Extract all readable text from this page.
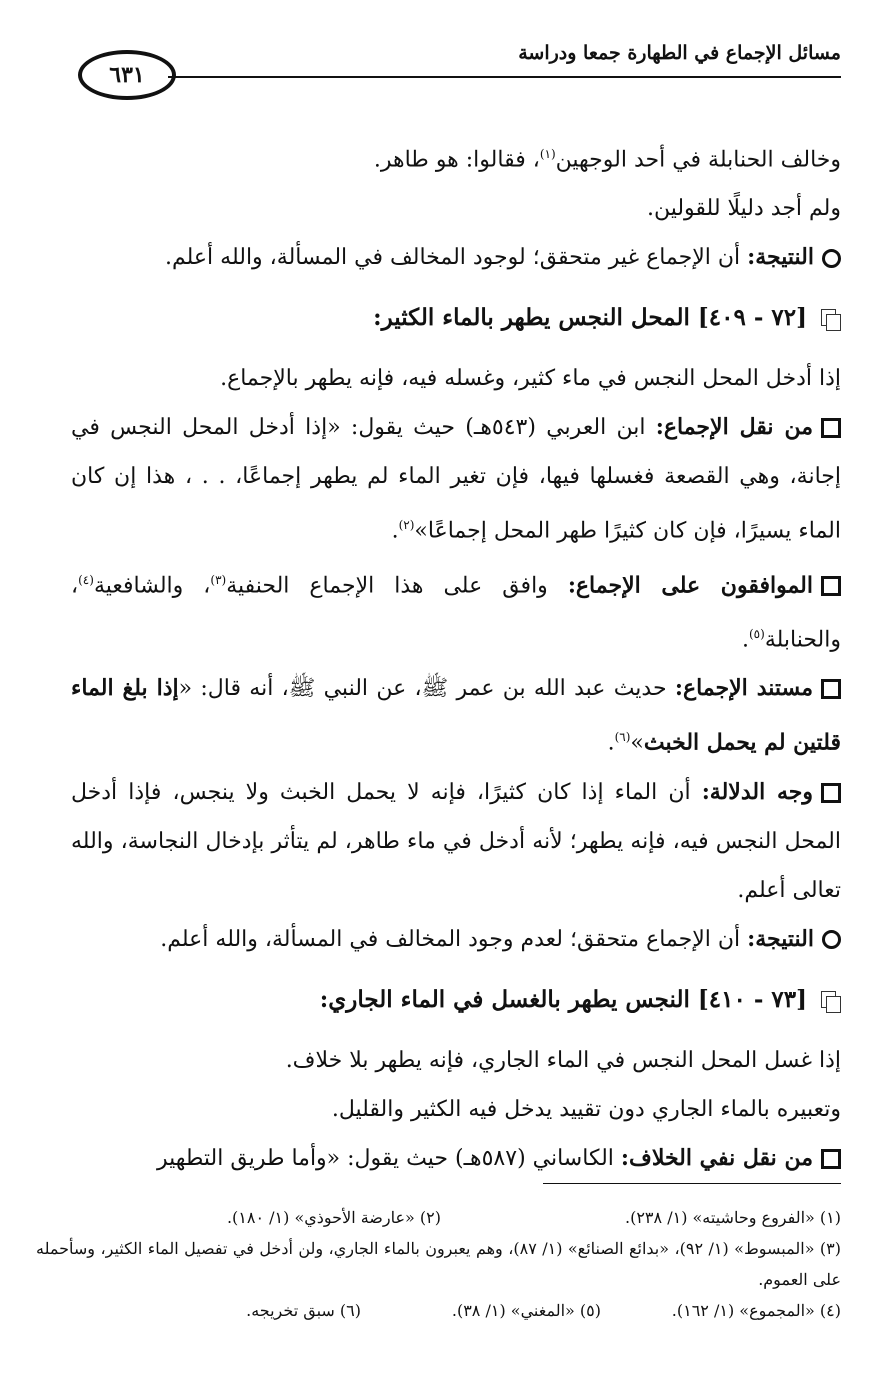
مسائل الإجماع في الطهارة جمعا ودراسة
٦٣١

وخالف الحنابلة في أحد الوجهين$^{(١)}$، فقالوا: هو طاهر.

ولم أجد دليلًا للقولين.

النتيجة: أن الإجماع غير متحقق؛ لوجود المخالف في المسألة، والله أعلم.

[٧٢ - ٤٠٩] المحل النجس يطهر بالماء الكثير:

إذا أدخل المحل النجس في ماء كثير، وغسله فيه، فإنه يطهر بالإجماع.

من نقل الإجماع: ابن العربي (٥٤٣هـ) حيث يقول: «إذا أدخل المحل النجس في إجانة، وهي القصعة فغسلها فيها، فإن تغير الماء لم يطهر إجماعًا، . . ، هذا إن كان الماء يسيرًا، فإن كان كثيرًا طهر المحل إجماعًا»$^{(٢)}$.

الموافقون على الإجماع: وافق على هذا الإجماع الحنفية$^{(٣)}$، والشافعية$^{(٤)}$، والحنابلة$^{(٥)}$.

مستند الإجماع: حديث عبد الله بن عمر ﷺ، عن النبي ﷺ، أنه قال: «إذا بلغ الماء قلتين لم يحمل الخبث»$^{(٦)}$.

وجه الدلالة: أن الماء إذا كان كثيرًا، فإنه لا يحمل الخبث ولا ينجس، فإذا أدخل المحل النجس فيه، فإنه يطهر؛ لأنه أدخل في ماء طاهر، لم يتأثر بإدخال النجاسة، والله تعالى أعلم.

النتيجة: أن الإجماع متحقق؛ لعدم وجود المخالف في المسألة، والله أعلم.

[٧٣ - ٤١٠] النجس يطهر بالغسل في الماء الجاري:

إذا غسل المحل النجس في الماء الجاري، فإنه يطهر بلا خلاف.

وتعبيره بالماء الجاري دون تقييد يدخل فيه الكثير والقليل.

من نقل نفي الخلاف: الكاساني (٥٨٧هـ) حيث يقول: «وأما طريق التطهير

(١) «الفروع وحاشيته» (١/ ٢٣٨).
(٢) «عارضة الأحوذي» (١/ ١٨٠).
(٣) «المبسوط» (١/ ٩٢)، «بدائع الصنائع» (١/ ٨٧)، وهم يعبرون بالماء الجاري، ولن أدخل في تفصيل الماء الكثير، وسأحمله على العموم.
(٤) «المجموع» (١/ ١٦٢).
(٥) «المغني» (١/ ٣٨).
(٦) سبق تخريجه.
